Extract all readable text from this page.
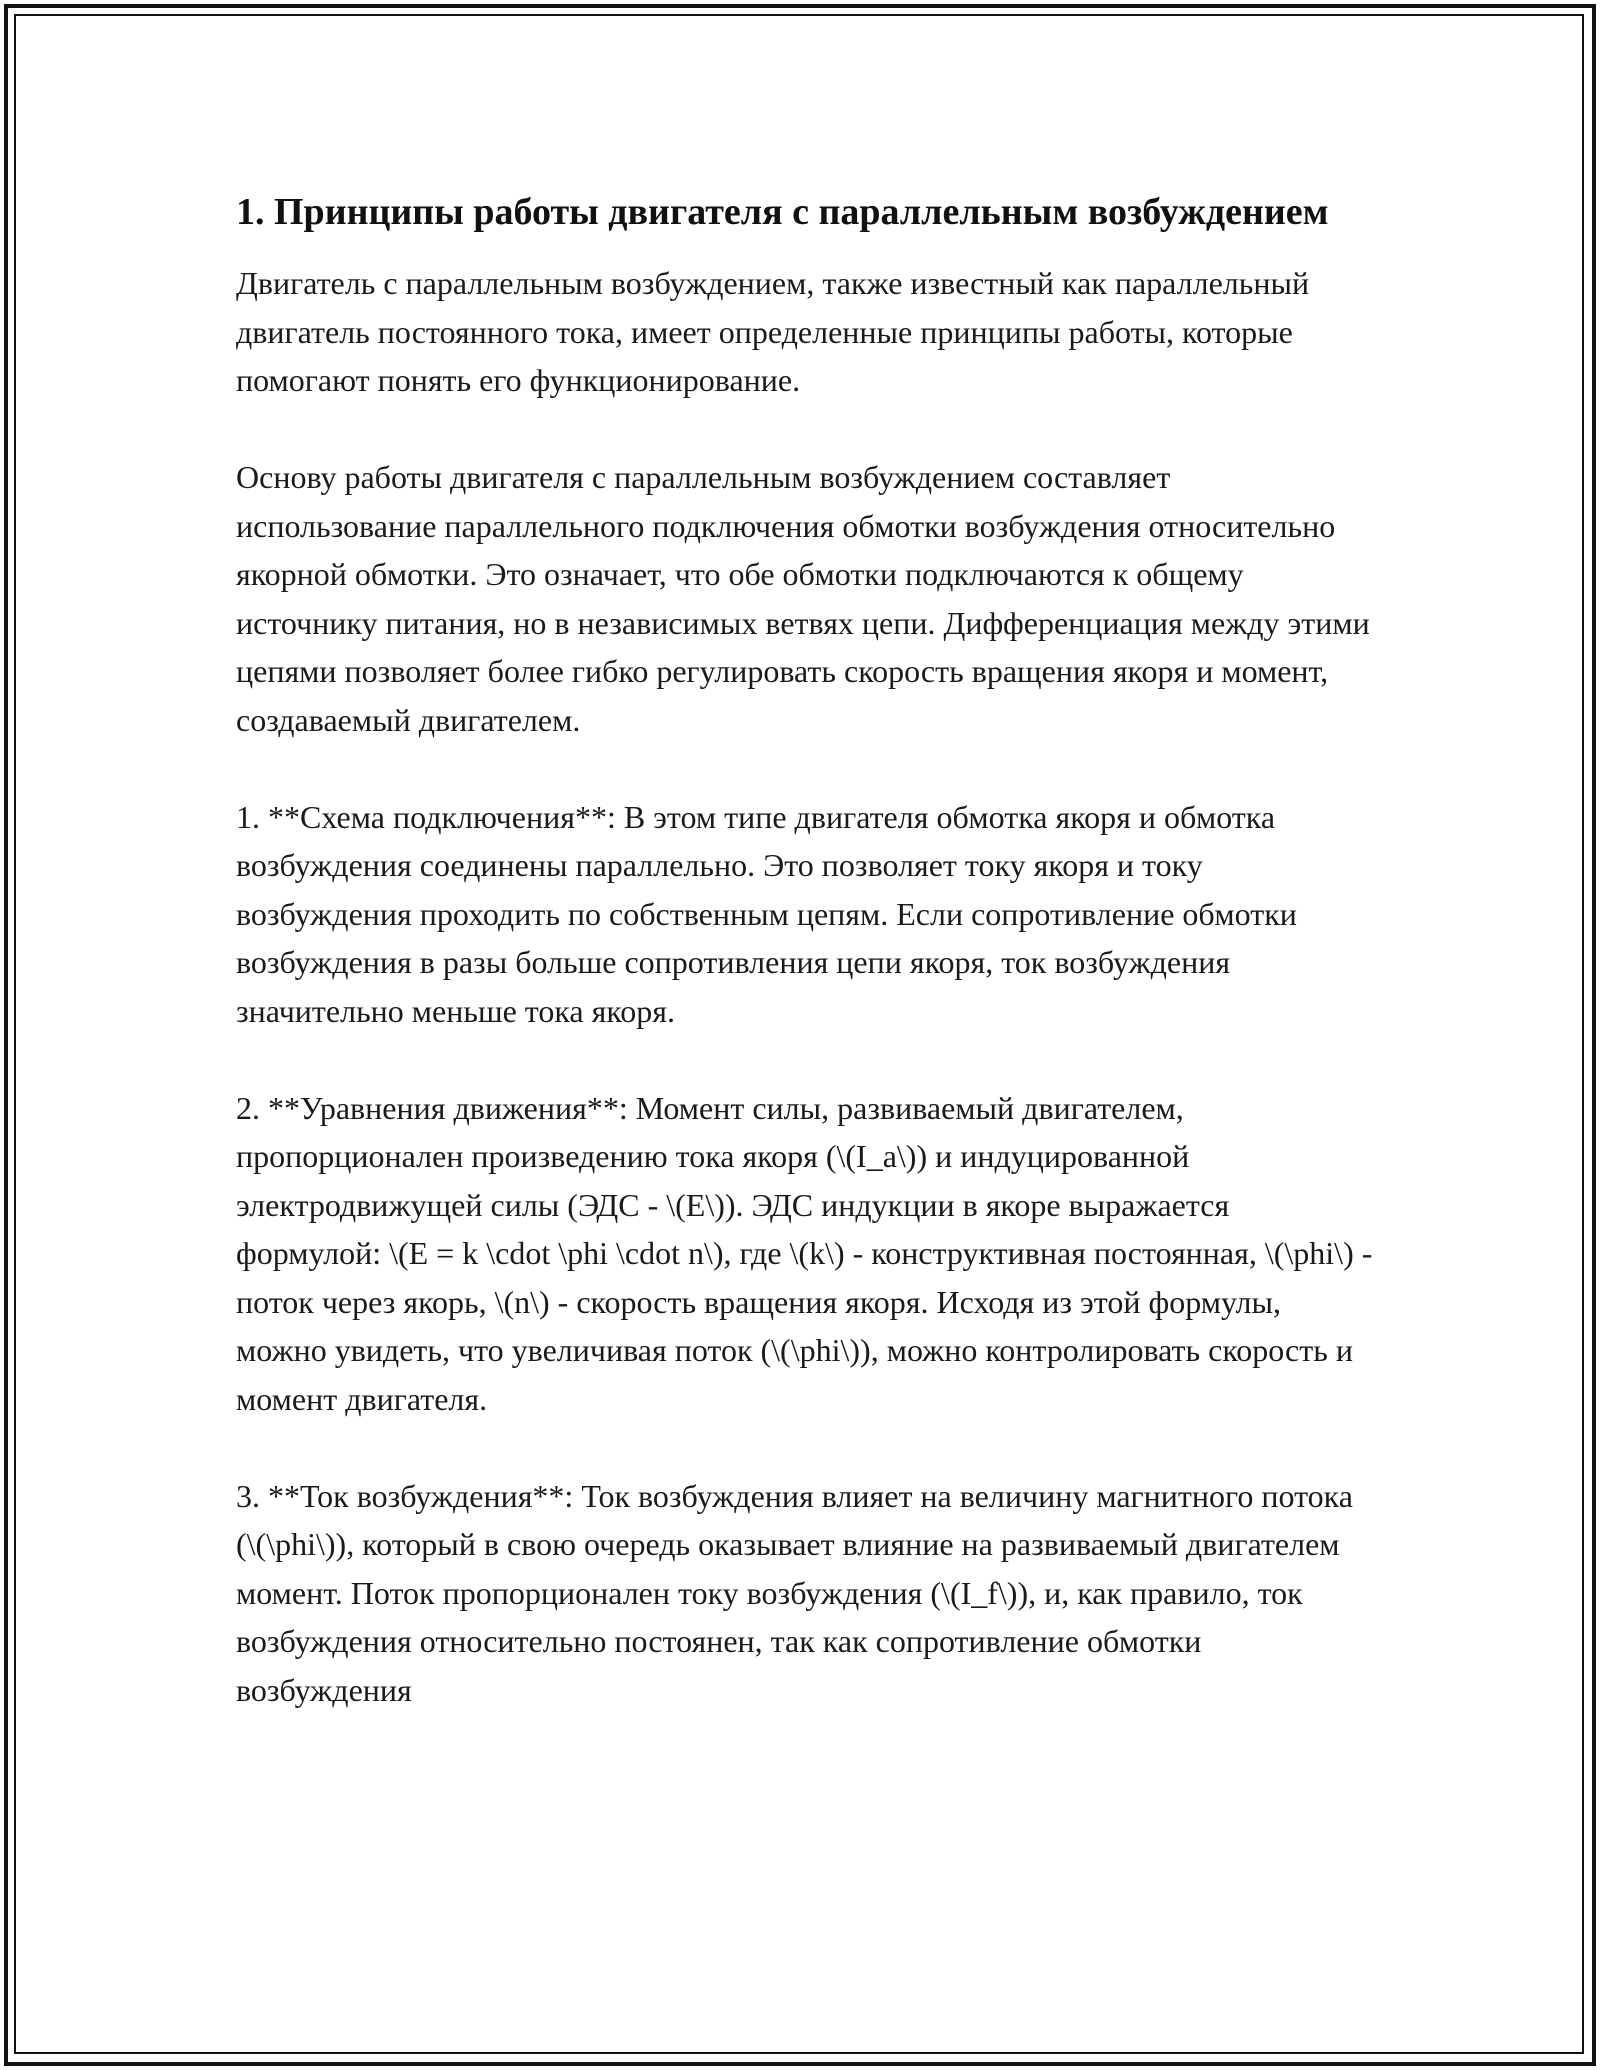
1. Принципы работы двигателя с параллельным возбуждением

Двигатель с параллельным возбуждением, также известный как параллельный двигатель постоянного тока, имеет определенные принципы работы, которые помогают понять его функционирование.

Основу работы двигателя с параллельным возбуждением составляет использование параллельного подключения обмотки возбуждения относительно якорной обмотки. Это означает, что обе обмотки подключаются к общему источнику питания, но в независимых ветвях цепи. Дифференциация между этими цепями позволяет более гибко регулировать скорость вращения якоря и момент, создаваемый двигателем.

1. **Схема подключения**: В этом типе двигателя обмотка якоря и обмотка возбуждения соединены параллельно. Это позволяет току якоря и току возбуждения проходить по собственным цепям. Если сопротивление обмотки возбуждения в разы больше сопротивления цепи якоря, ток возбуждения значительно меньше тока якоря.

2. **Уравнения движения**: Момент силы, развиваемый двигателем, пропорционален произведению тока якоря (\(I_a\)) и индуцированной электродвижущей силы (ЭДС - \(E\)). ЭДС индукции в якоре выражается формулой: \(E = k \cdot \phi \cdot n\), где \(k\) - конструктивная постоянная, \(\phi\) - поток через якорь, \(n\) - скорость вращения якоря. Исходя из этой формулы, можно увидеть, что увеличивая поток (\(\phi\)), можно контролировать скорость и момент двигателя.

3. **Ток возбуждения**: Ток возбуждения влияет на величину магнитного потока (\(\phi\)), который в свою очередь оказывает влияние на развиваемый двигателем момент. Поток пропорционален току возбуждения (\(I_f\)), и, как правило, ток возбуждения относительно постоянен, так как сопротивление обмотки возбуждения
